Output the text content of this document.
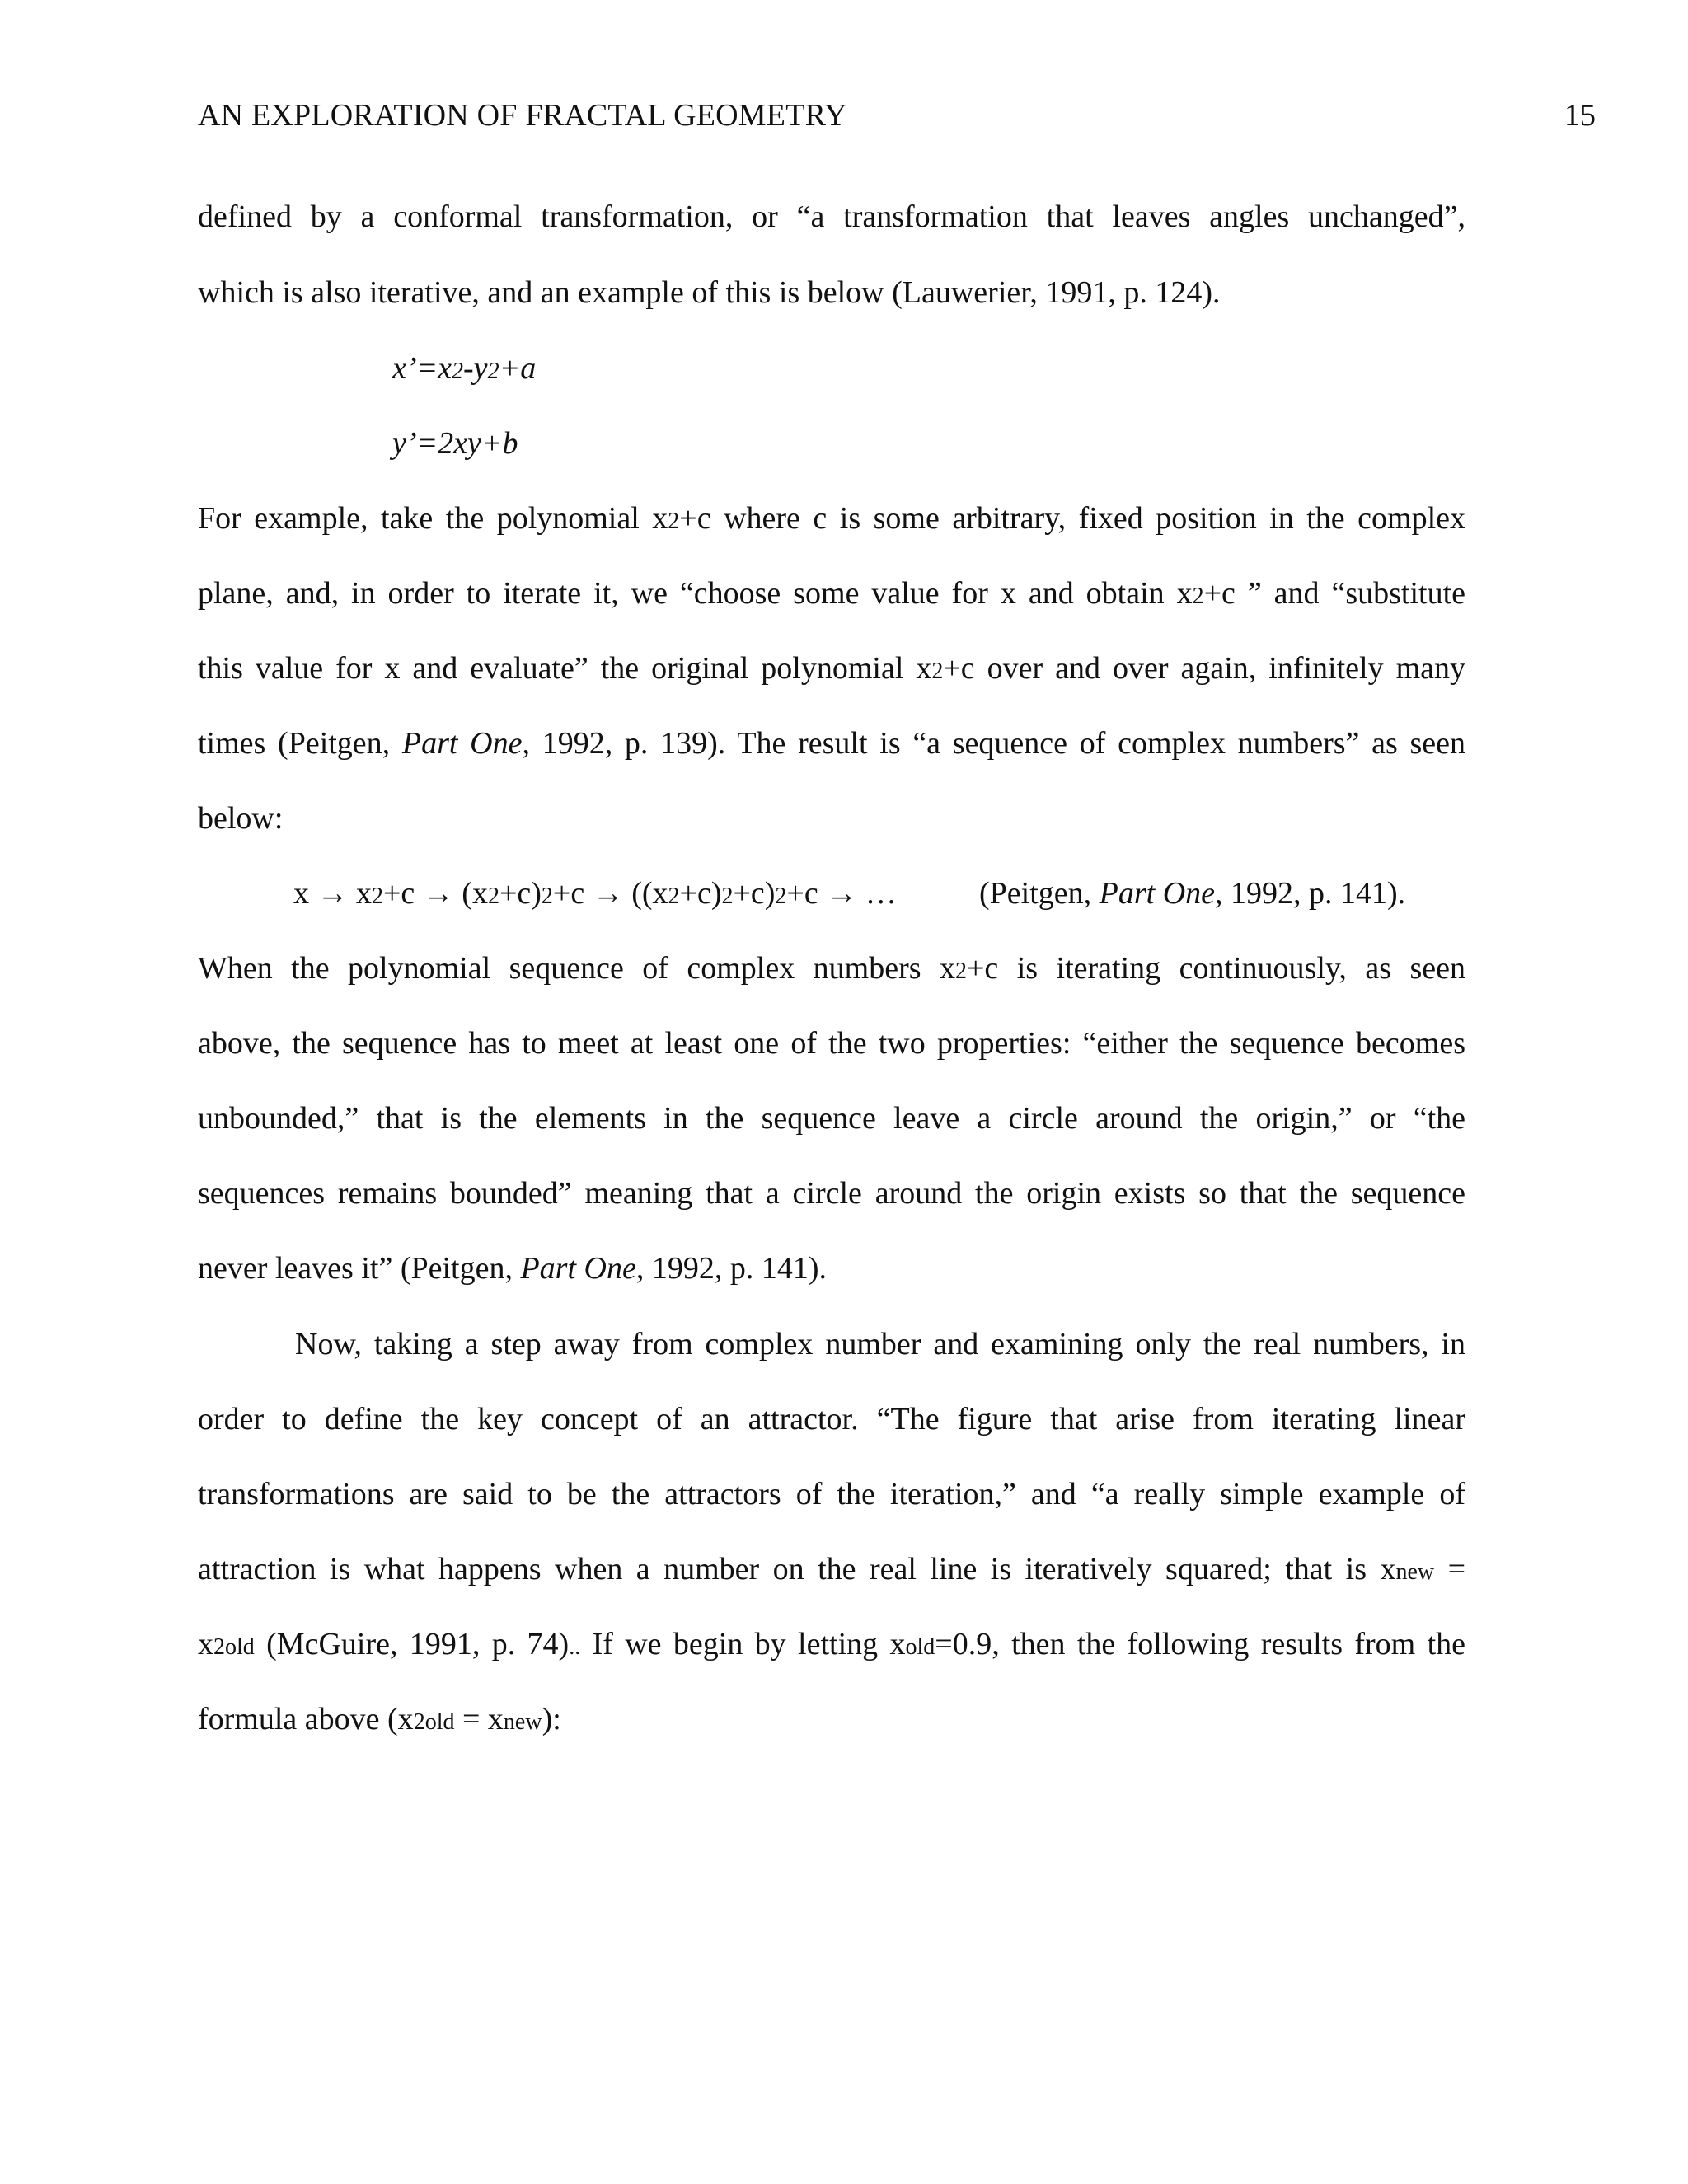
AN EXPLORATION OF FRACTAL GEOMETRY	15
defined by a conformal transformation, or “a transformation that leaves angles unchanged”,
which is also iterative, and an example of this is below (Lauwerier, 1991, p. 124).
x’=x2-y2+a
y’=2xy+b
For example, take the polynomial x2+c where c is some arbitrary, fixed position in the complex
plane, and, in order to iterate it, we “choose some value for x and obtain x2+c ” and “substitute
this value for x and evaluate” the original polynomial x2+c over and over again, infinitely many
times (Peitgen, Part One, 1992, p. 139). The result is “a sequence of complex numbers” as seen
below:
x → x2+c → (x2+c)2+c → ((x2+c)2+c)2+c → …	(Peitgen, Part One, 1992, p. 141).
When the polynomial sequence of complex numbers x2+c is iterating continuously, as seen
above, the sequence has to meet at least one of the two properties: “either the sequence becomes
unbounded,” that is the elements in the sequence leave a circle around the origin,” or “the
sequences remains bounded” meaning that a circle around the origin exists so that the sequence
never leaves it” (Peitgen, Part One, 1992, p. 141).
Now, taking a step away from complex number and examining only the real numbers, in
order to define the key concept of an attractor. “The figure that arise from iterating linear
transformations are said to be the attractors of the iteration,” and “a really simple example of
attraction is what happens when a number on the real line is iteratively squared; that is xnew =
x2old (McGuire, 1991, p. 74).. If we begin by letting xold=0.9, then the following results from the
formula above (x2old = xnew):
